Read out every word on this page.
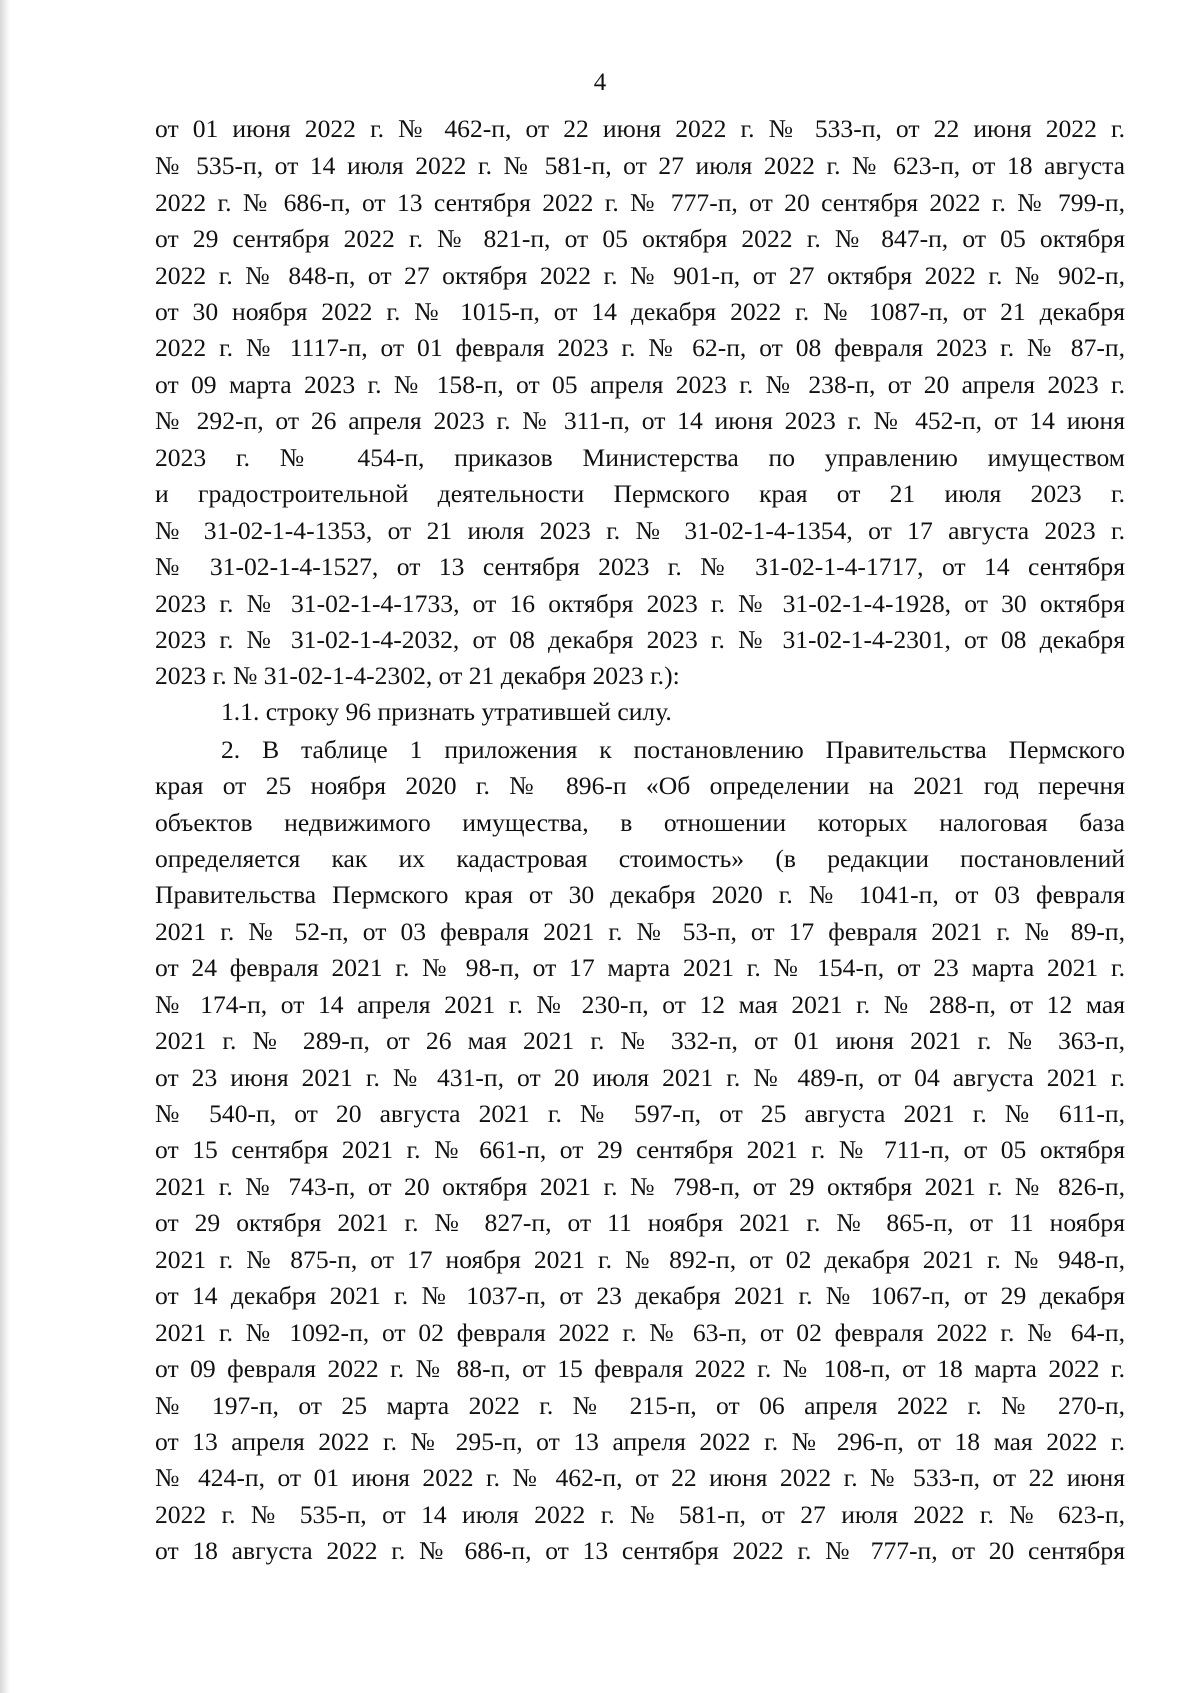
4
от 01 июня 2022 г. № 462-п, от 22 июня 2022 г. № 533-п, от 22 июня 2022 г.
№ 535-п, от 14 июля 2022 г. № 581-п, от 27 июля 2022 г. № 623-п, от 18 августа
2022 г. № 686-п, от 13 сентября 2022 г. № 777-п, от 20 сентября 2022 г. № 799-п,
от 29 сентября 2022 г. № 821-п, от 05 октября 2022 г. № 847-п, от 05 октября
2022 г. № 848-п, от 27 октября 2022 г. № 901-п, от 27 октября 2022 г. № 902-п,
от 30 ноября 2022 г. № 1015-п, от 14 декабря 2022 г. № 1087-п, от 21 декабря
2022 г. № 1117-п, от 01 февраля 2023 г. № 62-п, от 08 февраля 2023 г. № 87-п,
от 09 марта 2023 г. № 158-п, от 05 апреля 2023 г. № 238-п, от 20 апреля 2023 г.
№ 292-п, от 26 апреля 2023 г. № 311-п, от 14 июня 2023 г. № 452-п, от 14 июня
2023 г. № 454-п, приказов Министерства по управлению имуществом
и градостроительной деятельности Пермского края от 21 июля 2023 г.
№ 31-02-1-4-1353, от 21 июля 2023 г. № 31-02-1-4-1354, от 17 августа 2023 г.
№ 31-02-1-4-1527, от 13 сентября 2023 г. № 31-02-1-4-1717, от 14 сентября
2023 г. № 31-02-1-4-1733, от 16 октября 2023 г. № 31-02-1-4-1928, от 30 октября
2023 г. № 31-02-1-4-2032, от 08 декабря 2023 г. № 31-02-1-4-2301, от 08 декабря
2023 г. № 31-02-1-4-2302, от 21 декабря 2023 г.):
1.1. строку 96 признать утратившей силу.
2. В таблице 1 приложения к постановлению Правительства Пермского
края от 25 ноября 2020 г. № 896-п «Об определении на 2021 год перечня
объектов недвижимого имущества, в отношении которых налоговая база
определяется как их кадастровая стоимость» (в редакции постановлений
Правительства Пермского края от 30 декабря 2020 г. № 1041-п, от 03 февраля
2021 г. № 52-п, от 03 февраля 2021 г. № 53-п, от 17 февраля 2021 г. № 89-п,
от 24 февраля 2021 г. № 98-п, от 17 марта 2021 г. № 154-п, от 23 марта 2021 г.
№ 174-п, от 14 апреля 2021 г. № 230-п, от 12 мая 2021 г. № 288-п, от 12 мая
2021 г. № 289-п, от 26 мая 2021 г. № 332-п, от 01 июня 2021 г. № 363-п,
от 23 июня 2021 г. № 431-п, от 20 июля 2021 г. № 489-п, от 04 августа 2021 г.
№ 540-п, от 20 августа 2021 г. № 597-п, от 25 августа 2021 г. № 611-п,
от 15 сентября 2021 г. № 661-п, от 29 сентября 2021 г. № 711-п, от 05 октября
2021 г. № 743-п, от 20 октября 2021 г. № 798-п, от 29 октября 2021 г. № 826-п,
от 29 октября 2021 г. № 827-п, от 11 ноября 2021 г. № 865-п, от 11 ноября
2021 г. № 875-п, от 17 ноября 2021 г. № 892-п, от 02 декабря 2021 г. № 948-п,
от 14 декабря 2021 г. № 1037-п, от 23 декабря 2021 г. № 1067-п, от 29 декабря
2021 г. № 1092-п, от 02 февраля 2022 г. № 63-п, от 02 февраля 2022 г. № 64-п,
от 09 февраля 2022 г. № 88-п, от 15 февраля 2022 г. № 108-п, от 18 марта 2022 г.
№ 197-п, от 25 марта 2022 г. № 215-п, от 06 апреля 2022 г. № 270-п,
от 13 апреля 2022 г. № 295-п, от 13 апреля 2022 г. № 296-п, от 18 мая 2022 г.
№ 424-п, от 01 июня 2022 г. № 462-п, от 22 июня 2022 г. № 533-п, от 22 июня
2022 г. № 535-п, от 14 июля 2022 г. № 581-п, от 27 июля 2022 г. № 623-п,
от 18 августа 2022 г. № 686-п, от 13 сентября 2022 г. № 777-п, от 20 сентября
